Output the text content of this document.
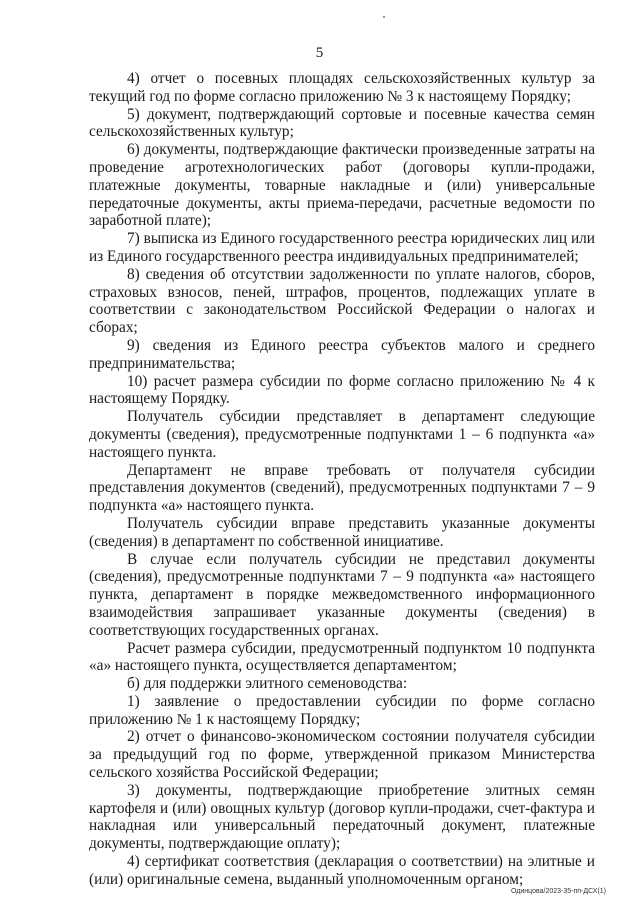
5

4) отчет о посевных площадях сельскохозяйственных культур за текущий год по форме согласно приложению № 3 к настоящему Порядку;

5) документ, подтверждающий сортовые и посевные качества семян сельскохозяйственных культур;

6) документы, подтверждающие фактически произведенные затраты на проведение агротехнологических работ (договоры купли-продажи, платежные документы, товарные накладные и (или) универсальные передаточные документы, акты приема-передачи, расчетные ведомости по заработной плате);

7) выписка из Единого государственного реестра юридических лиц или из Единого государственного реестра индивидуальных предпринимателей;

8) сведения об отсутствии задолженности по уплате налогов, сборов, страховых взносов, пеней, штрафов, процентов, подлежащих уплате в соответствии с законодательством Российской Федерации о налогах и сборах;

9) сведения из Единого реестра субъектов малого и среднего предпринимательства;

10) расчет размера субсидии по форме согласно приложению № 4 к настоящему Порядку.

Получатель субсидии представляет в департамент следующие документы (сведения), предусмотренные подпунктами 1 – 6 подпункта «а» настоящего пункта.

Департамент не вправе требовать от получателя субсидии представления документов (сведений), предусмотренных подпунктами 7 – 9 подпункта «а» настоящего пункта.

Получатель субсидии вправе представить указанные документы (сведения) в департамент по собственной инициативе.

В случае если получатель субсидии не представил документы (сведения), предусмотренные подпунктами 7 – 9 подпункта «а» настоящего пункта, департамент в порядке межведомственного информационного взаимодействия запрашивает указанные документы (сведения) в соответствующих государственных органах.

Расчет размера субсидии, предусмотренный подпунктом 10 подпункта «а» настоящего пункта, осуществляется департаментом;

б) для поддержки элитного семеноводства:

1) заявление о предоставлении субсидии по форме согласно приложению № 1 к настоящему Порядку;

2) отчет о финансово-экономическом состоянии получателя субсидии за предыдущий год по форме, утвержденной приказом Министерства сельского хозяйства Российской Федерации;

3) документы, подтверждающие приобретение элитных семян картофеля и (или) овощных культур (договор купли-продажи, счет-фактура и накладная или универсальный передаточный документ, платежные документы, подтверждающие оплату);

4) сертификат соответствия (декларация о соответствии) на элитные и (или) оригинальные семена, выданный уполномоченным органом;

Одинцова/2023-35-пп-ДСХ(1)
